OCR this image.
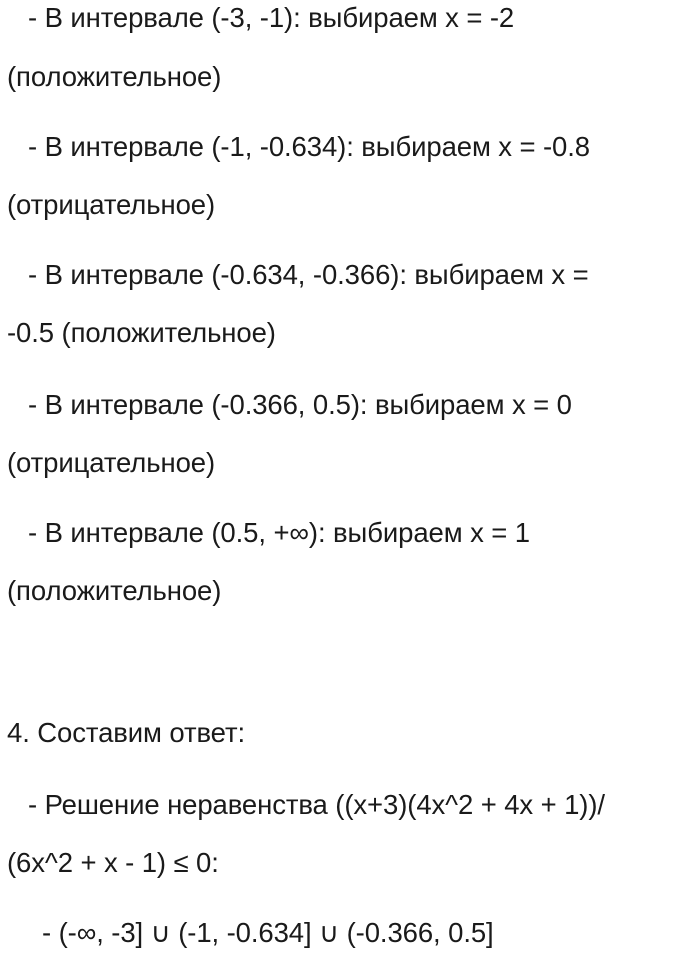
- В интервале (-3, -1): выбираем x = -2
(положительное)
- В интервале (-1, -0.634): выбираем x = -0.8
(отрицательное)
- В интервале (-0.634, -0.366): выбираем x =
-0.5 (положительное)
- В интервале (-0.366, 0.5): выбираем x = 0
(отрицательное)
- В интервале (0.5, +∞): выбираем x = 1
(положительное)
4. Составим ответ:
- Решение неравенства ((x+3)(4x^2 + 4x + 1))/
(6x^2 + x - 1) ≤ 0:
- (-∞, -3] ∪ (-1, -0.634] ∪ (-0.366, 0.5]
